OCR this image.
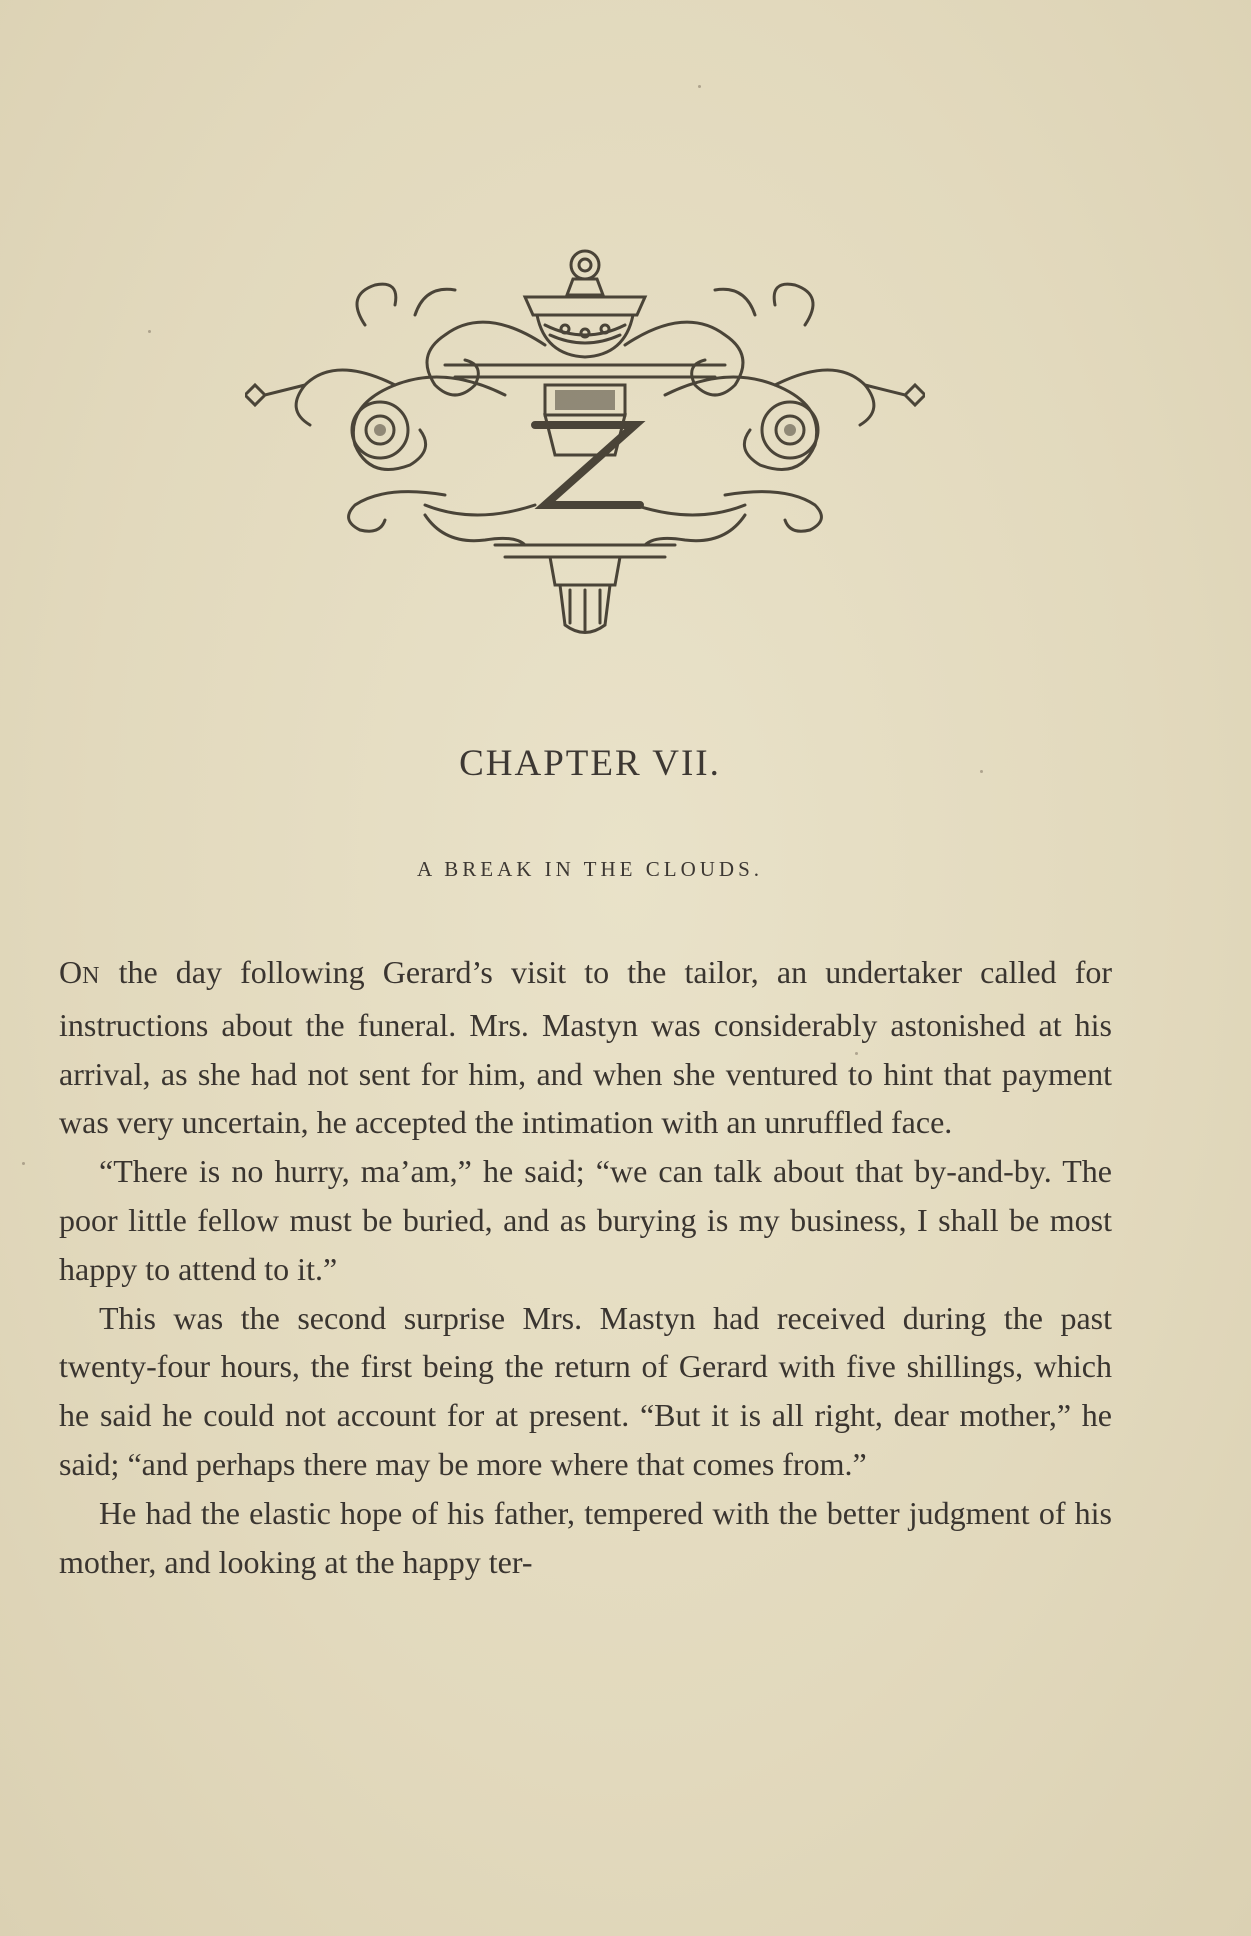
CHAPTER VII.
A BREAK IN THE CLOUDS.

ON the day following Gerard’s visit to the tailor, an undertaker called for instructions about the funeral. Mrs. Mastyn was considerably astonished at his arrival, as she had not sent for him, and when she ventured to hint that payment was very uncertain, he accepted the intimation with an unruffled face.

“There is no hurry, ma’am,” he said; “we can talk about that by-and-by. The poor little fellow must be buried, and as burying is my business, I shall be most happy to attend to it.”

This was the second surprise Mrs. Mastyn had received during the past twenty-four hours, the first being the return of Gerard with five shillings, which he said he could not account for at present. “But it is all right, dear mother,” he said; “and perhaps there may be more where that comes from.”

He had the elastic hope of his father, tempered with the better judgment of his mother, and looking at the happy ter-
